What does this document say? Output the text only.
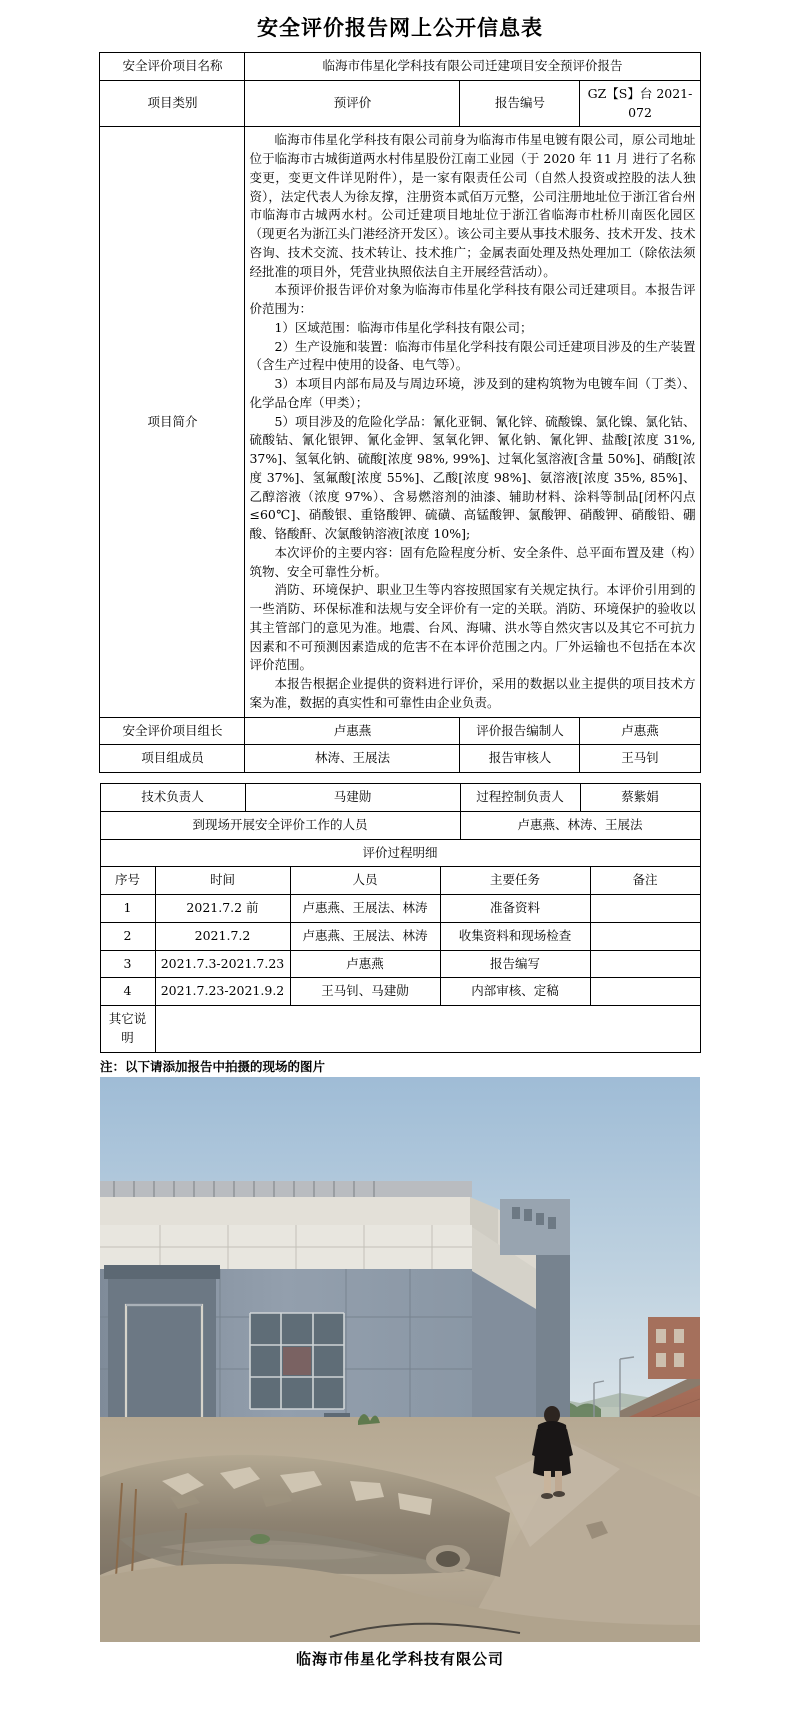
安全评价报告网上公开信息表
安全评价项目名称	临海市伟星化学科技有限公司迁建项目安全预评价报告		
项目类别	预评价	报告编号	GZ【S】台 2021-072
项目简介	

临海市伟星化学科技有限公司前身为临海市伟星电镀有限公司，原公司地址位于临海市古城街道两水村伟星股份江南工业园（于 2020 年 11 月 进行了名称变更，变更文件详见附件），是一家有限责任公司（自然人投资或控股的法人独资），法定代表人为徐友撑，注册资本贰佰万元整，公司注册地址位于浙江省台州市临海市古城两水村。公司迁建项目地址位于浙江省临海市杜桥川南医化园区（现更名为浙江头门港经济开发区）。该公司主要从事技术服务、技术开发、技术咨询、技术交流、技术转让、技术推广；金属表面处理及热处理加工（除依法须经批准的项目外，凭营业执照依法自主开展经营活动）。

本预评价报告评价对象为临海市伟星化学科技有限公司迁建项目。本报告评价范围为：

1）区域范围：临海市伟星化学科技有限公司；

2）生产设施和装置：临海市伟星化学科技有限公司迁建项目涉及的生产装置（含生产过程中使用的设备、电气等）。

3）本项目内部布局及与周边环境，涉及到的建构筑物为电镀车间（丁类）、化学品仓库（甲类）；

5）项目涉及的危险化学品：氰化亚铜、氰化锌、硫酸镍、氯化镍、氯化钴、硫酸钴、氰化银钾、氰化金钾、氢氧化钾、氰化钠、氰化钾、盐酸[浓度 31%, 37%]、氢氧化钠、硫酸[浓度 98%, 99%]、过氧化氢溶液[含量 50%]、硝酸[浓度 37%]、氢氟酸[浓度 55%]、乙酸[浓度 98%]、氨溶液[浓度 35%, 85%]、乙醇溶液（浓度 97%）、含易燃溶剂的油漆、辅助材料、涂料等制品[闭杯闪点≤60℃]、硝酸银、重铬酸钾、硫磺、高锰酸钾、氯酸钾、硝酸钾、硝酸铅、硼酸、铬酸酐、次氯酸钠溶液[浓度 10%];

本次评价的主要内容：固有危险程度分析、安全条件、总平面布置及建（构）筑物、安全可靠性分析。

消防、环境保护、职业卫生等内容按照国家有关规定执行。本评价引用到的一些消防、环保标准和法规与安全评价有一定的关联。消防、环境保护的验收以其主管部门的意见为准。地震、台风、海啸、洪水等自然灾害以及其它不可抗力因素和不可预测因素造成的危害不在本评价范围之内。厂外运输也不包括在本次评价范围。

本报告根据企业提供的资料进行评价，采用的数据以业主提供的项目技术方案为准，数据的真实性和可靠性由企业负责。

安全评价项目组长	卢惠燕	评价报告编制人	卢惠燕
项目组成员	林涛、王展法	报告审核人	王马钊
技术负责人	马建勋	过程控制负责人	蔡紫娟
到现场开展安全评价工作的人员		卢惠燕、林涛、王展法	
评价过程明细			
序号	时间	人员	主要任务	备注
1	2021.7.2 前	卢惠燕、王展法、林涛	准备资料	
2	2021.7.2	卢惠燕、王展法、林涛	收集资料和现场检查	
3	2021.7.3-2021.7.23	卢惠燕	报告编写	
4	2021.7.23-2021.9.2	王马钊、马建勋	内部审核、定稿	
其它说明				
注：以下请添加报告中拍摄的现场的图片
临海市伟星化学科技有限公司
